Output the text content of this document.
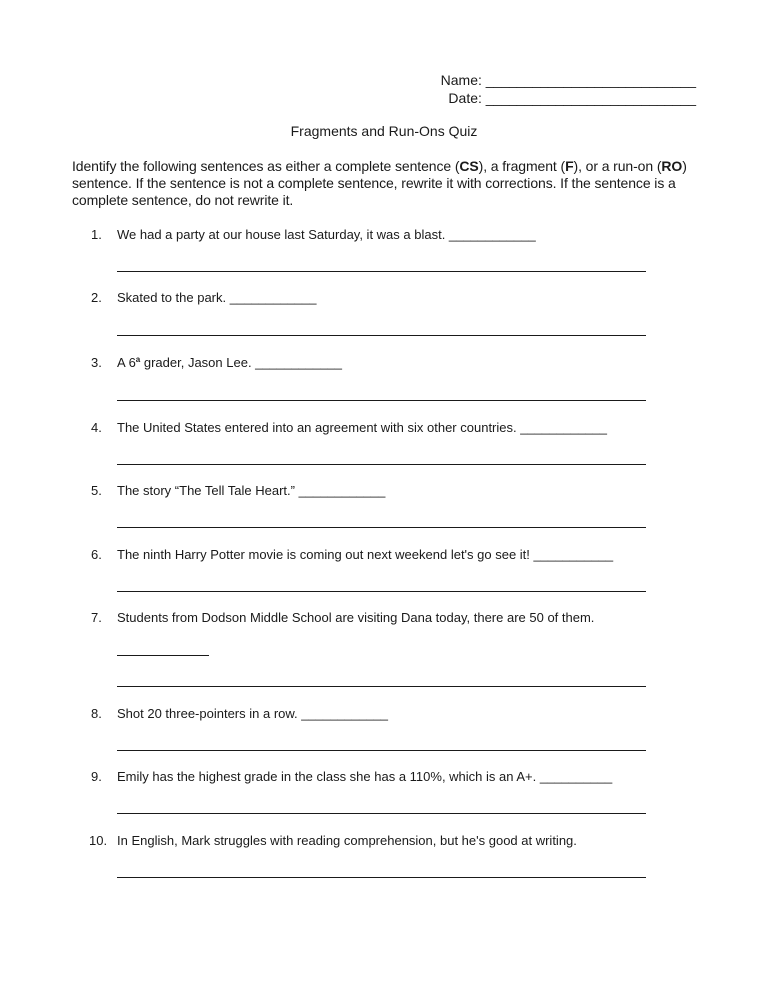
Name: ___________________________
Date: ___________________________
Fragments and Run-Ons Quiz
Identify the following sentences as either a complete sentence (CS), a fragment (F), or a run-on (RO) sentence. If the sentence is not a complete sentence, rewrite it with corrections. If the sentence is a complete sentence, do not rewrite it.
1.	We had a party at our house last Saturday, it was a blast. ____________
2.	Skated to the park. ____________
3.	A 6$^a$ grader, Jason Lee. ____________
4.	The United States entered into an agreement with six other countries. ____________
5.	The story “The Tell Tale Heart.” ____________
6.	The ninth Harry Potter movie is coming out next weekend let's go see it! ___________
7.	Students from Dodson Middle School are visiting Dana today, there are 50 of them.
8.	Shot 20 three-pointers in a row. ____________
9.	Emily has the highest grade in the class she has a 110%, which is an A+. __________
10. In English, Mark struggles with reading comprehension, but he's good at writing.
